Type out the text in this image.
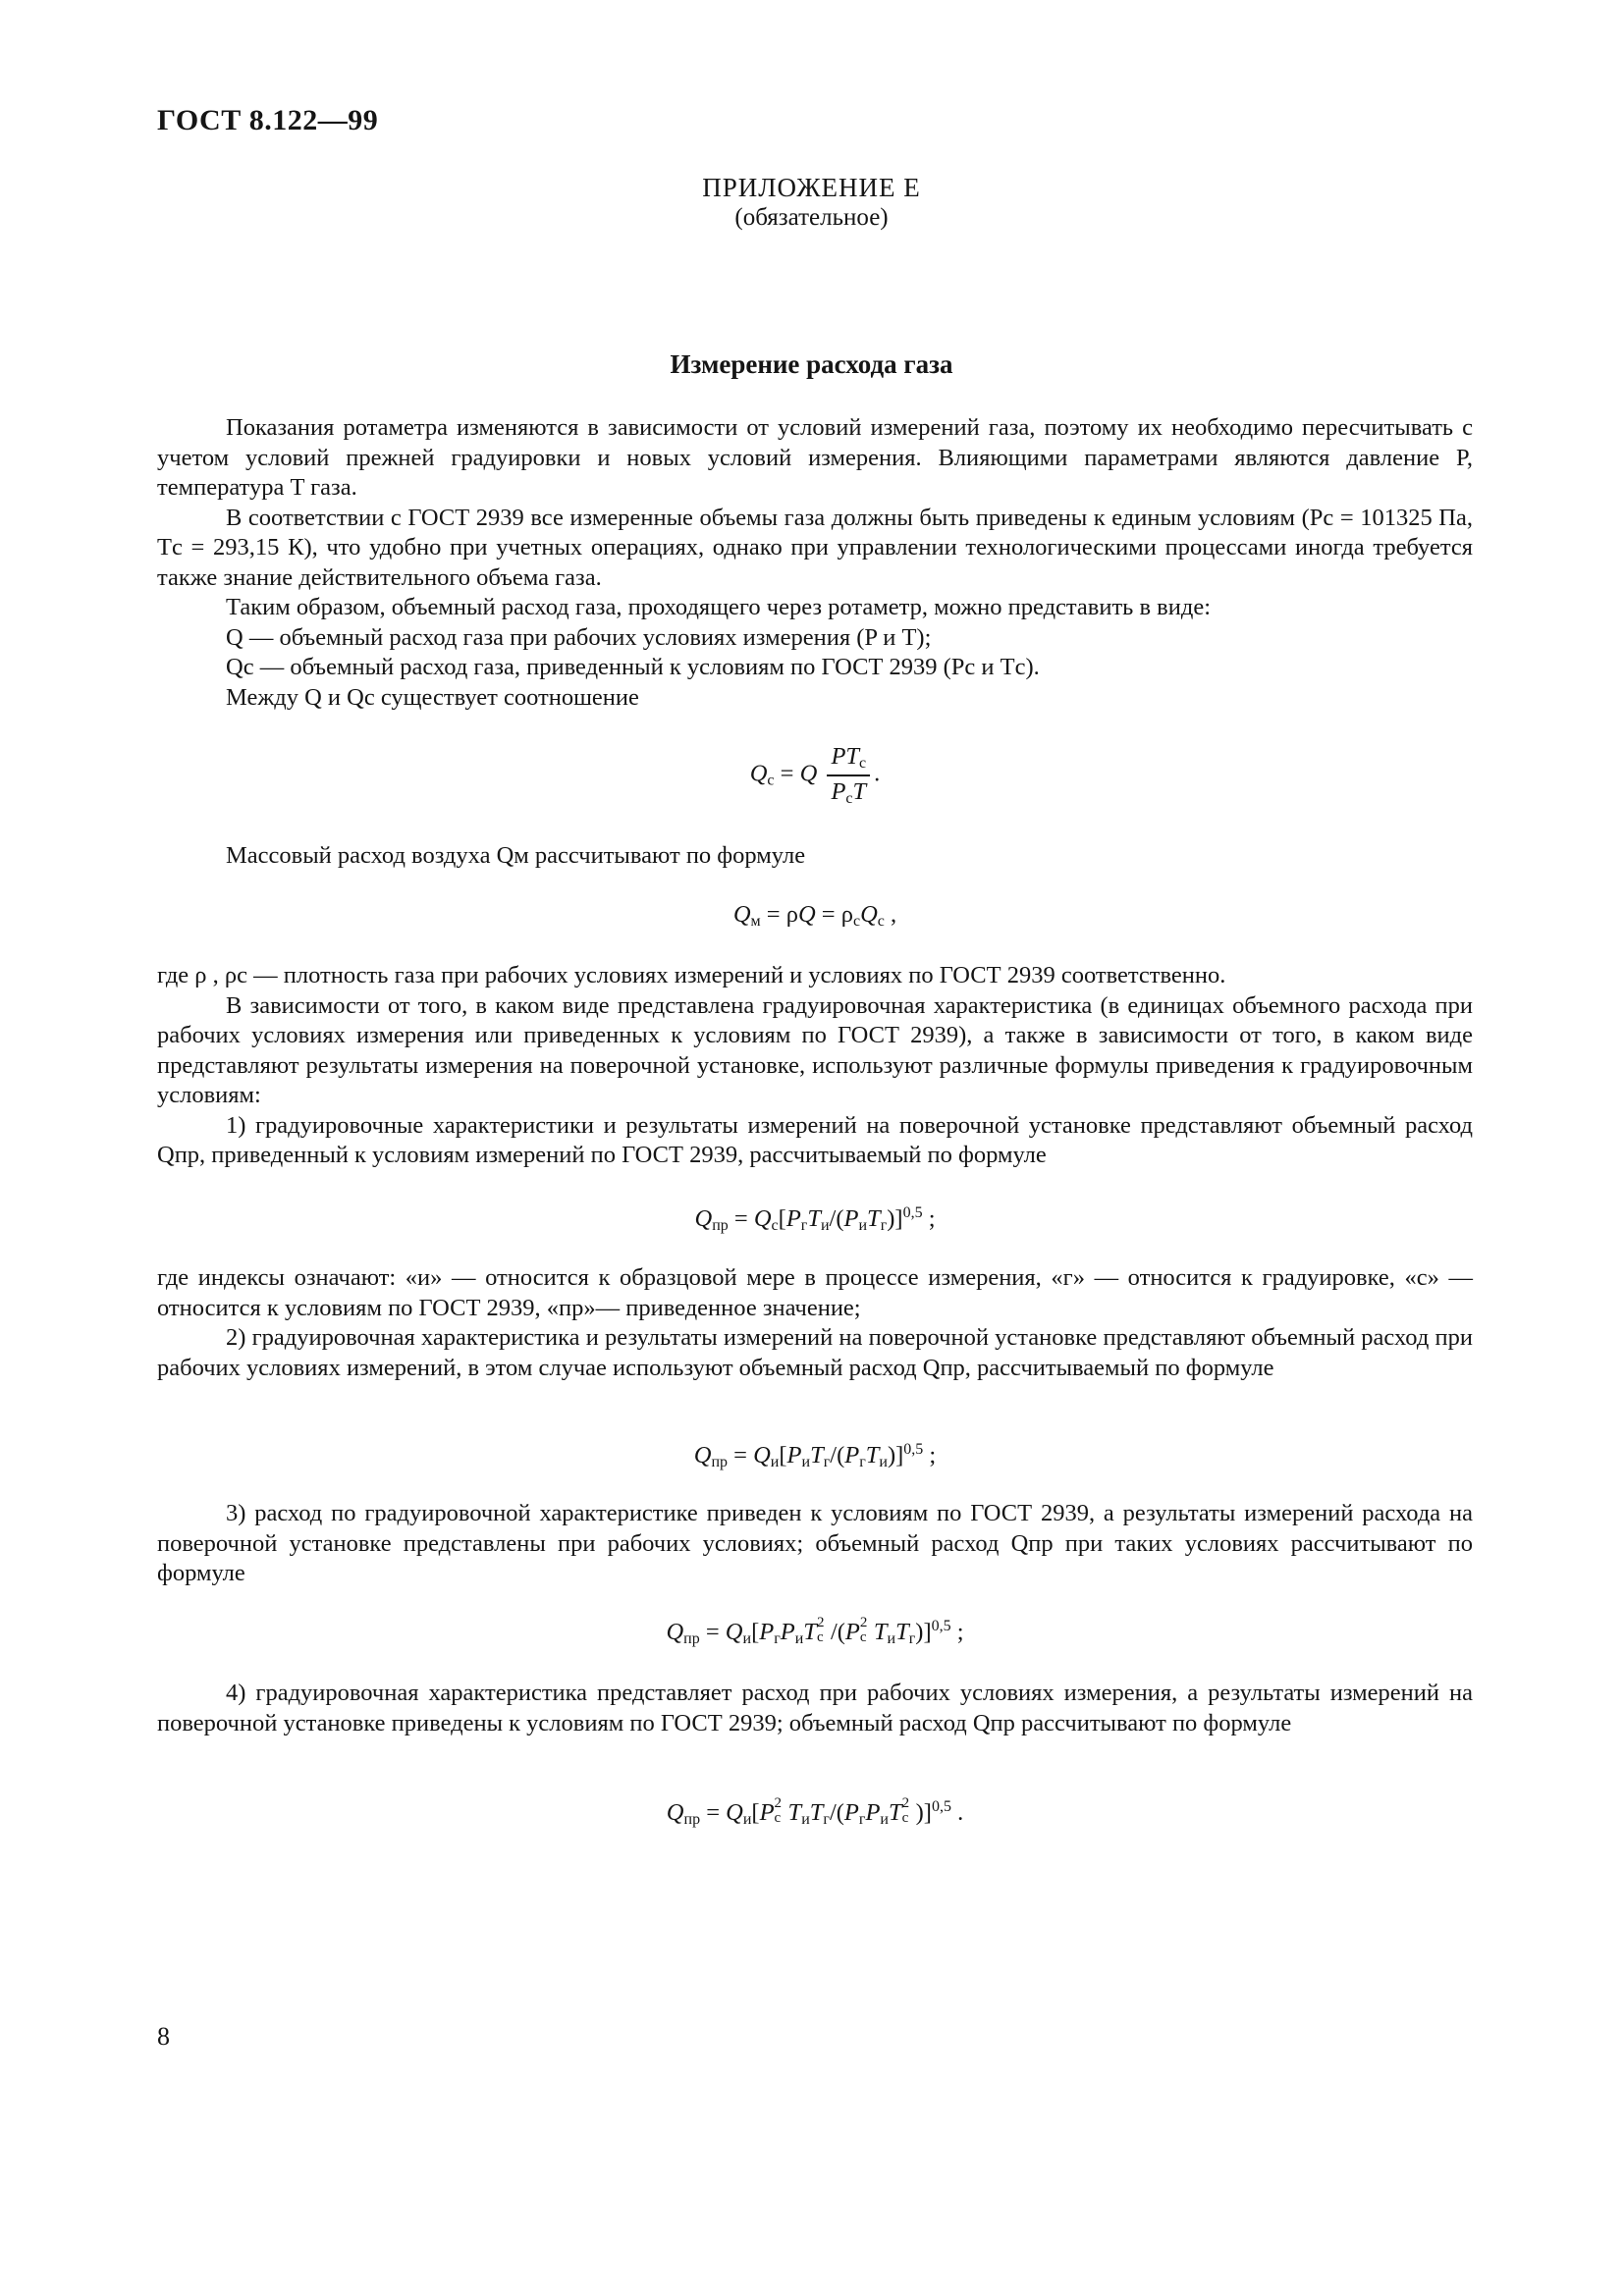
ГОСТ 8.122—99
ПРИЛОЖЕНИЕ Е
(обязательное)
Измерение расхода газа

Показания ротаметра изменяются в зависимости от условий измерений газа, поэтому их необходимо пересчитывать с учетом условий прежней градуировки и новых условий измерения. Влияющими параметрами являются давление P, температура T газа.

В соответствии с ГОСТ 2939 все измеренные объемы газа должны быть приведены к единым условиям (Pс = 101325 Па, Tс = 293,15 К), что удобно при учетных операциях, однако при управлении технологическими процессами иногда требуется также знание действительного объема газа.

Таким образом, объемный расход газа, проходящего через ротаметр, можно представить в виде:

Q — объемный расход газа при рабочих условиях измерения (P и T);

Qс — объемный расход газа, приведенный к условиям по ГОСТ 2939 (Pс и Tс).

Между Q и Qс существует соотношение

$Q_с = Q \frac{PT_с}{P_сT}$ .

Массовый расход воздуха Qм рассчитывают по формуле

$Q_м = \rho Q = \rho_сQ_с$ ,

где ρ , ρс — плотность газа при рабочих условиях измерений и условиях по ГОСТ 2939 соответственно.

В зависимости от того, в каком виде представлена градуировочная характеристика (в единицах объемного расхода при рабочих условиях измерения или приведенных к условиям по ГОСТ 2939), а также в зависимости от того, в каком виде представляют результаты измерения на поверочной установке, используют различные формулы приведения к градуировочным условиям:

1) градуировочные характеристики и результаты измерений на поверочной установке представляют объемный расход Qпр, приведенный к условиям измерений по ГОСТ 2939, рассчитываемый по формуле

$Q_{пр} = Q_с[P_гT_и/(P_иT_г)]^{0,5}$ ;

где индексы означают: «и» — относится к образцовой мере в процессе измерения, «г» — относится к градуировке, «с» — относится к условиям по ГОСТ 2939, «пр»— приведенное значение;

2) градуировочная характеристика и результаты измерений на поверочной установке представляют объемный расход при рабочих условиях измерений, в этом случае используют объемный расход Qпр, рассчитываемый по формуле

$Q_{пр} = Q_и[P_иT_г/(P_гT_и)]^{0,5}$ ;

3) расход по градуировочной характеристике приведен к условиям по ГОСТ 2939, а результаты измерений расхода на поверочной установке представлены при рабочих условиях; объемный расход Qпр при таких условиях рассчитывают по формуле

$Q_{пр} = Q_и[P_гP_иT$ 2
с /(P 2
с $T_иT_г)]^{0,5}$ ;

4) градуировочная характеристика представляет расход при рабочих условиях измерения, а результаты измерений на поверочной установке приведены к условиям по ГОСТ 2939; объемный расход Qпр рассчитывают по формуле

$Q_{пр} = Q_и[P$ 2
с $T_иT_г/(P_гP_иT$ 2
с )]$^{0,5}$ .
8
